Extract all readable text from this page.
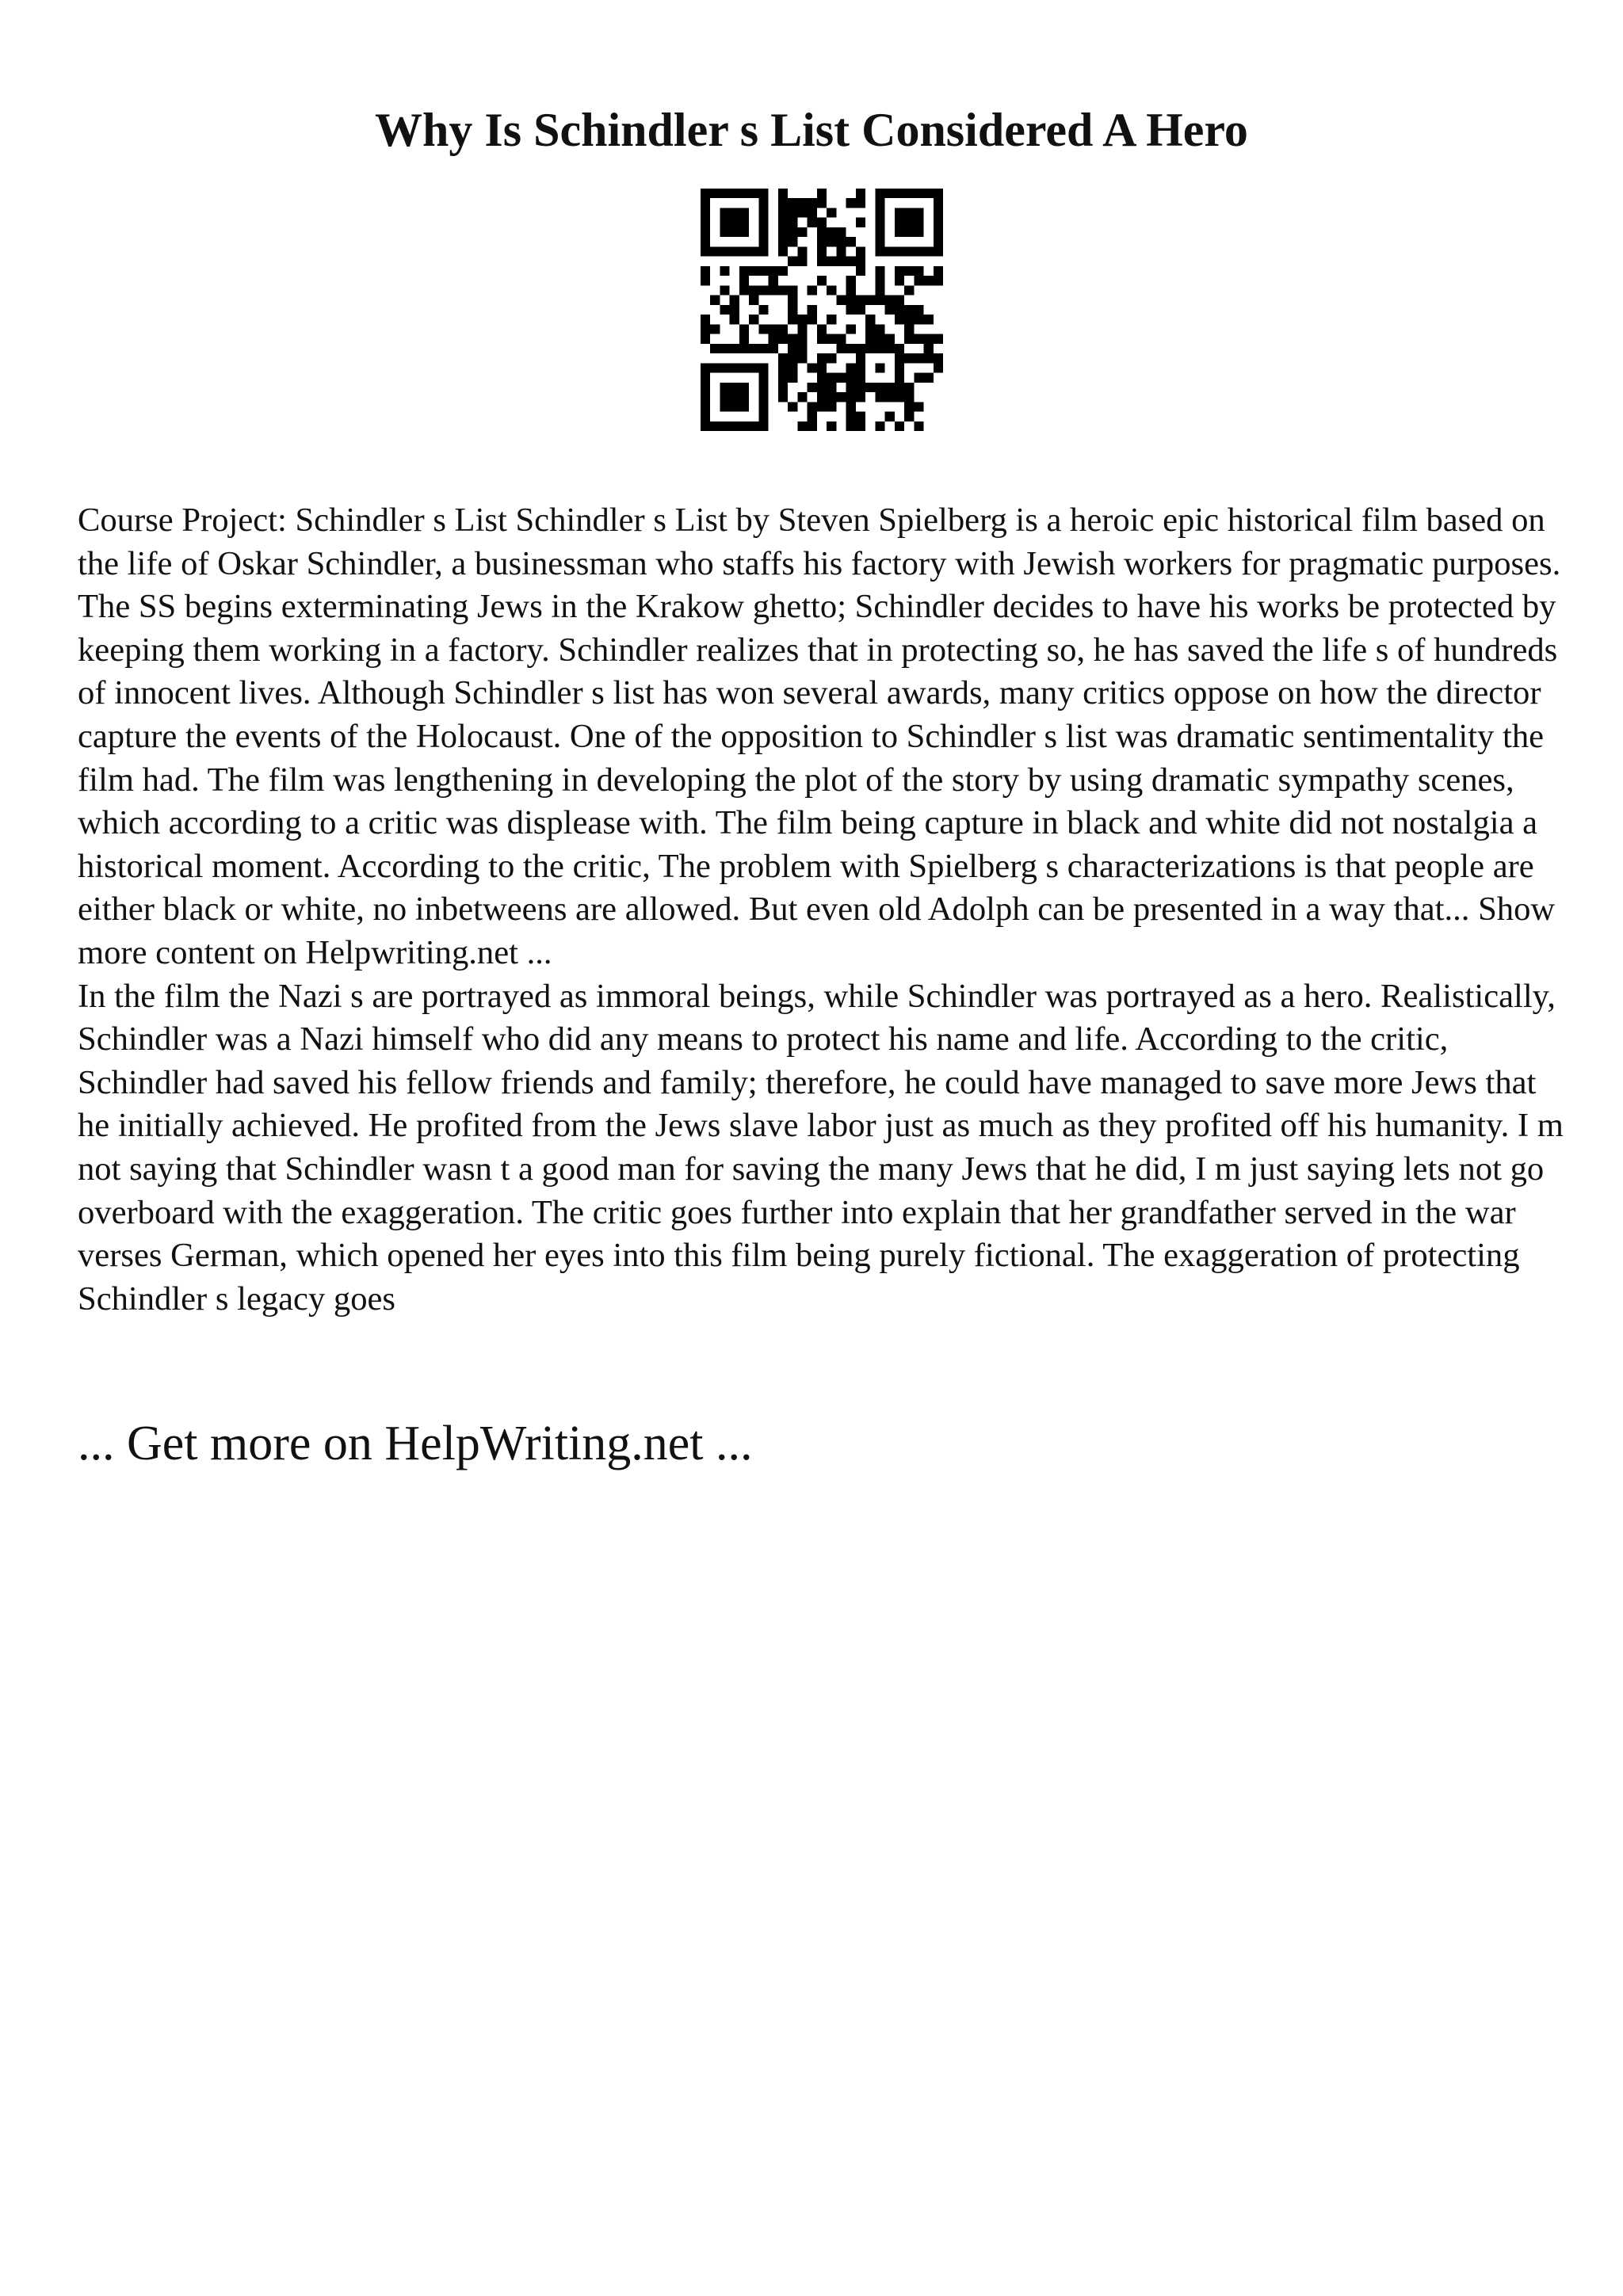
Why Is Schindler s List Considered A Hero

Course Project: Schindler s List Schindler s List by Steven Spielberg is a heroic epic historical film based on the life of Oskar Schindler, a businessman who staffs his factory with Jewish workers for pragmatic purposes. The SS begins exterminating Jews in the Krakow ghetto; Schindler decides to have his works be protected by keeping them working in a factory. Schindler realizes that in protecting so, he has saved the life s of hundreds of innocent lives. Although Schindler s list has won several awards, many critics oppose on how the director capture the events of the Holocaust. One of the opposition to Schindler s list was dramatic sentimentality the film had. The film was lengthening in developing the plot of the story by using dramatic sympathy scenes, which according to a critic was displease with. The film being capture in black and white did not nostalgia a historical moment. According to the critic, The problem with Spielberg s characterizations is that people are either black or white, no inbetweens are allowed. But even old Adolph can be presented in a way that... Show more content on Helpwriting.net ...

In the film the Nazi s are portrayed as immoral beings, while Schindler was portrayed as a hero. Realistically, Schindler was a Nazi himself who did any means to protect his name and life. According to the critic, Schindler had saved his fellow friends and family; therefore, he could have managed to save more Jews that he initially achieved. He profited from the Jews slave labor just as much as they profited off his humanity. I m not saying that Schindler wasn t a good man for saving the many Jews that he did, I m just saying lets not go overboard with the exaggeration. The critic goes further into explain that her grandfather served in the war verses German, which opened her eyes into this film being purely fictional. The exaggeration of protecting Schindler s legacy goes

... Get more on HelpWriting.net ...
